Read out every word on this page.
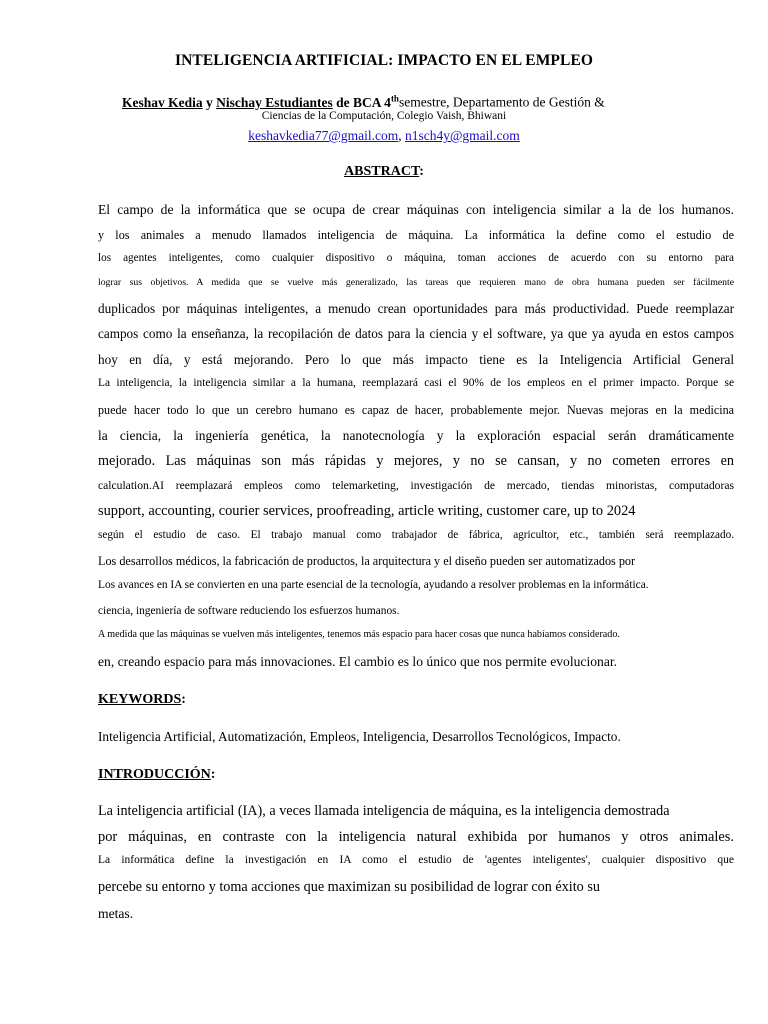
INTELIGENCIA ARTIFICIAL: IMPACTO EN EL EMPLEO
Keshav Kedia y Nischay Estudiantes de BCA 4thsemestre, Departamento de Gestión &
Ciencias de la Computación, Colegio Vaish, Bhiwani
keshavkedia77@gmail.com, n1sch4y@gmail.com
ABSTRACT:
El campo de la informática que se ocupa de crear máquinas con inteligencia similar a la de los humanos.
y los animales a menudo llamados inteligencia de máquina. La informática la define como el estudio de
los agentes inteligentes, como cualquier dispositivo o máquina, toman acciones de acuerdo con su entorno para
lograr sus objetivos. A medida que se vuelve más generalizado, las tareas que requieren mano de obra humana pueden ser fácilmente
duplicados por máquinas inteligentes, a menudo crean oportunidades para más productividad. Puede reemplazar
campos como la enseñanza, la recopilación de datos para la ciencia y el software, ya que ya ayuda en estos campos
hoy en día, y está mejorando. Pero lo que más impacto tiene es la Inteligencia Artificial General
La inteligencia, la inteligencia similar a la humana, reemplazará casi el 90% de los empleos en el primer impacto. Porque se
puede hacer todo lo que un cerebro humano es capaz de hacer, probablemente mejor. Nuevas mejoras en la medicina
la ciencia, la ingeniería genética, la nanotecnología y la exploración espacial serán dramáticamente
mejorado. Las máquinas son más rápidas y mejores, y no se cansan, y no cometen errores en
calculation.AI reemplazará empleos como telemarketing, investigación de mercado, tiendas minoristas, computadoras
support, accounting, courier services, proofreading, article writing, customer care, up to 2024
según el estudio de caso. El trabajo manual como trabajador de fábrica, agricultor, etc., también será reemplazado.
Los desarrollos médicos, la fabricación de productos, la arquitectura y el diseño pueden ser automatizados por
Los avances en IA se convierten en una parte esencial de la tecnología, ayudando a resolver problemas en la informática.
ciencia, ingeniería de software reduciendo los esfuerzos humanos.
A medida que las máquinas se vuelven más inteligentes, tenemos más espacio para hacer cosas que nunca habíamos considerado.
en, creando espacio para más innovaciones. El cambio es lo único que nos permite evolucionar.
KEYWORDS:
Inteligencia Artificial, Automatización, Empleos, Inteligencia, Desarrollos Tecnológicos, Impacto.
INTRODUCCIÓN:
La inteligencia artificial (IA), a veces llamada inteligencia de máquina, es la inteligencia demostrada
por máquinas, en contraste con la inteligencia natural exhibida por humanos y otros animales.
La informática define la investigación en IA como el estudio de 'agentes inteligentes', cualquier dispositivo que
percebe su entorno y toma acciones que maximizan su posibilidad de lograr con éxito su
metas.
